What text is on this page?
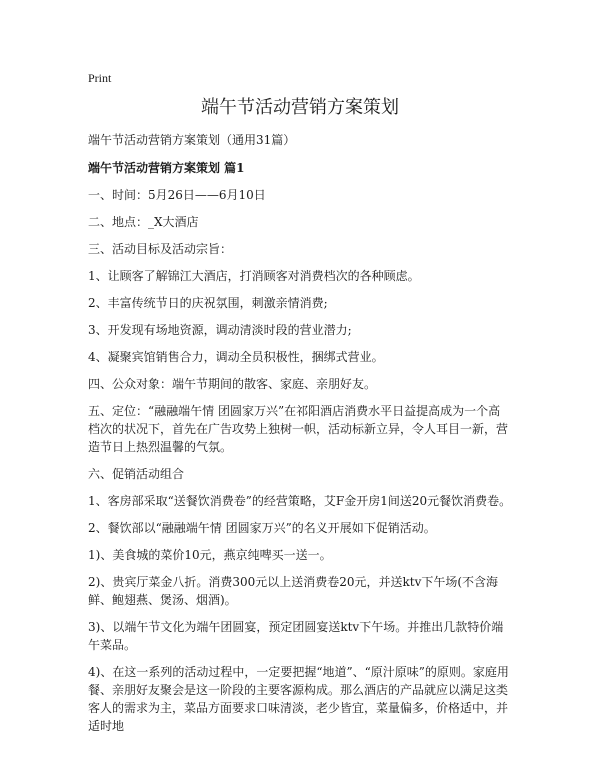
Print
端午节活动营销方案策划
端午节活动营销方案策划（通用31篇）
端午节活动营销方案策划 篇1
一、时间：5月26日——6月10日
二、地点：_X大酒店
三、活动目标及活动宗旨：
1、让顾客了解锦江大酒店，打消顾客对消费档次的各种顾虑。
2、丰富传统节日的庆祝氛围，刺激亲情消费;
3、开发现有场地资源，调动清淡时段的营业潜力;
4、凝聚宾馆销售合力，调动全员积极性，捆绑式营业。
四、公众对象：端午节期间的散客、家庭、亲朋好友。
五、定位：“融融端午情 团圆家万兴”在祁阳酒店消费水平日益提高成为一个高档次的状况下，首先在广告攻势上独树一帜，活动标新立异，令人耳目一新，营造节日上热烈温馨的气氛。
六、促销活动组合
1、客房部采取“送餐饮消费卷”的经营策略，艾F金开房1间送20元餐饮消费卷。
2、餐饮部以“融融端午情 团圆家万兴”的名义开展如下促销活动。
1)、美食城的菜价10元，燕京纯啤买一送一。
2)、贵宾厅菜金八折。消费300元以上送消费卷20元，并送ktv下午场(不含海鲜、鲍翅燕、煲汤、烟酒)。
3)、以端午节文化为端午团圆宴，预定团圆宴送ktv下午场。并推出几款特价端午菜品。
4)、在这一系列的活动过程中，一定要把握“地道”、“原汁原味”的原则。家庭用餐、亲朋好友聚会是这一阶段的主要客源构成。那么酒店的产品就应以满足这类客人的需求为主，菜品方面要求口味清淡，老少皆宜，菜量偏多，价格适中，并适时地
